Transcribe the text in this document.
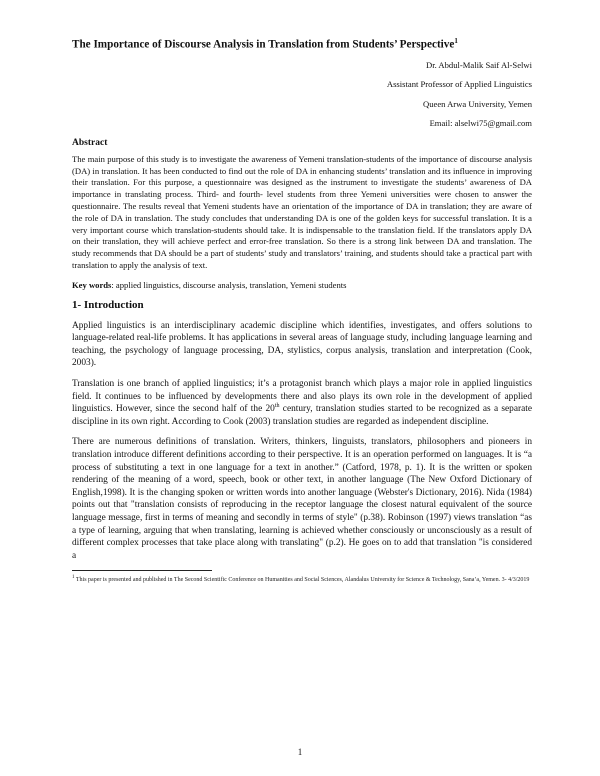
The Importance of Discourse Analysis in Translation from Students’ Perspective$^1$
Dr. Abdul-Malik Saif Al-Selwi
Assistant Professor of Applied Linguistics
Queen Arwa University, Yemen
Email: alselwi75@gmail.com
Abstract

The main purpose of this study is to investigate the awareness of Yemeni translation-students of the importance of discourse analysis (DA) in translation. It has been conducted to find out the role of DA in enhancing students’ translation and its influence in improving their translation. For this purpose, a questionnaire was designed as the instrument to investigate the students’ awareness of DA importance in translating process. Third- and fourth- level students from three Yemeni universities were chosen to answer the questionnaire. The results reveal that Yemeni students have an orientation of the importance of DA in translation; they are aware of the role of DA in translation. The study concludes that understanding DA is one of the golden keys for successful translation. It is a very important course which translation-students should take. It is indispensable to the translation field. If the translators apply DA on their translation, they will achieve perfect and error-free translation. So there is a strong link between DA and translation. The study recommends that DA should be a part of students’ study and translators’ training, and students should take a practical part with translation to apply the analysis of text.

Key words: applied linguistics, discourse analysis, translation, Yemeni students
1- Introduction

Applied linguistics is an interdisciplinary academic discipline which identifies, investigates, and offers solutions to language-related real-life problems. It has applications in several areas of language study, including language learning and teaching, the psychology of language processing, DA, stylistics, corpus analysis, translation and interpretation (Cook, 2003).

Translation is one branch of applied linguistics; it’s a protagonist branch which plays a major role in applied linguistics field. It continues to be influenced by developments there and also plays its own role in the development of applied linguistics. However, since the second half of the 20th century, translation studies started to be recognized as a separate discipline in its own right. According to Cook (2003) translation studies are regarded as independent discipline.

There are numerous definitions of translation. Writers, thinkers, linguists, translators, philosophers and pioneers in translation introduce different definitions according to their perspective. It is an operation performed on languages. It is “a process of substituting a text in one language for a text in another.” (Catford, 1978, p. 1). It is the written or spoken rendering of the meaning of a word, speech, book or other text, in another language (The New Oxford Dictionary of English,1998). It is the changing spoken or written words into another language (Webster's Dictionary, 2016). Nida (1984) points out that "translation consists of reproducing in the receptor language the closest natural equivalent of the source language message, first in terms of meaning and secondly in terms of style" (p.38). Robinson (1997) views translation “as a type of learning, arguing that when translating, learning is achieved whether consciously or unconsciously as a result of different complex processes that take place along with translating" (p.2). He goes on to add that translation "is considered a

$^1$ This paper is presented and published in The Second Scientific Conference on Humanities and Social Sciences, Alandalus University for Science & Technology, Sana’a, Yemen. 3- 4/3/2019
1
